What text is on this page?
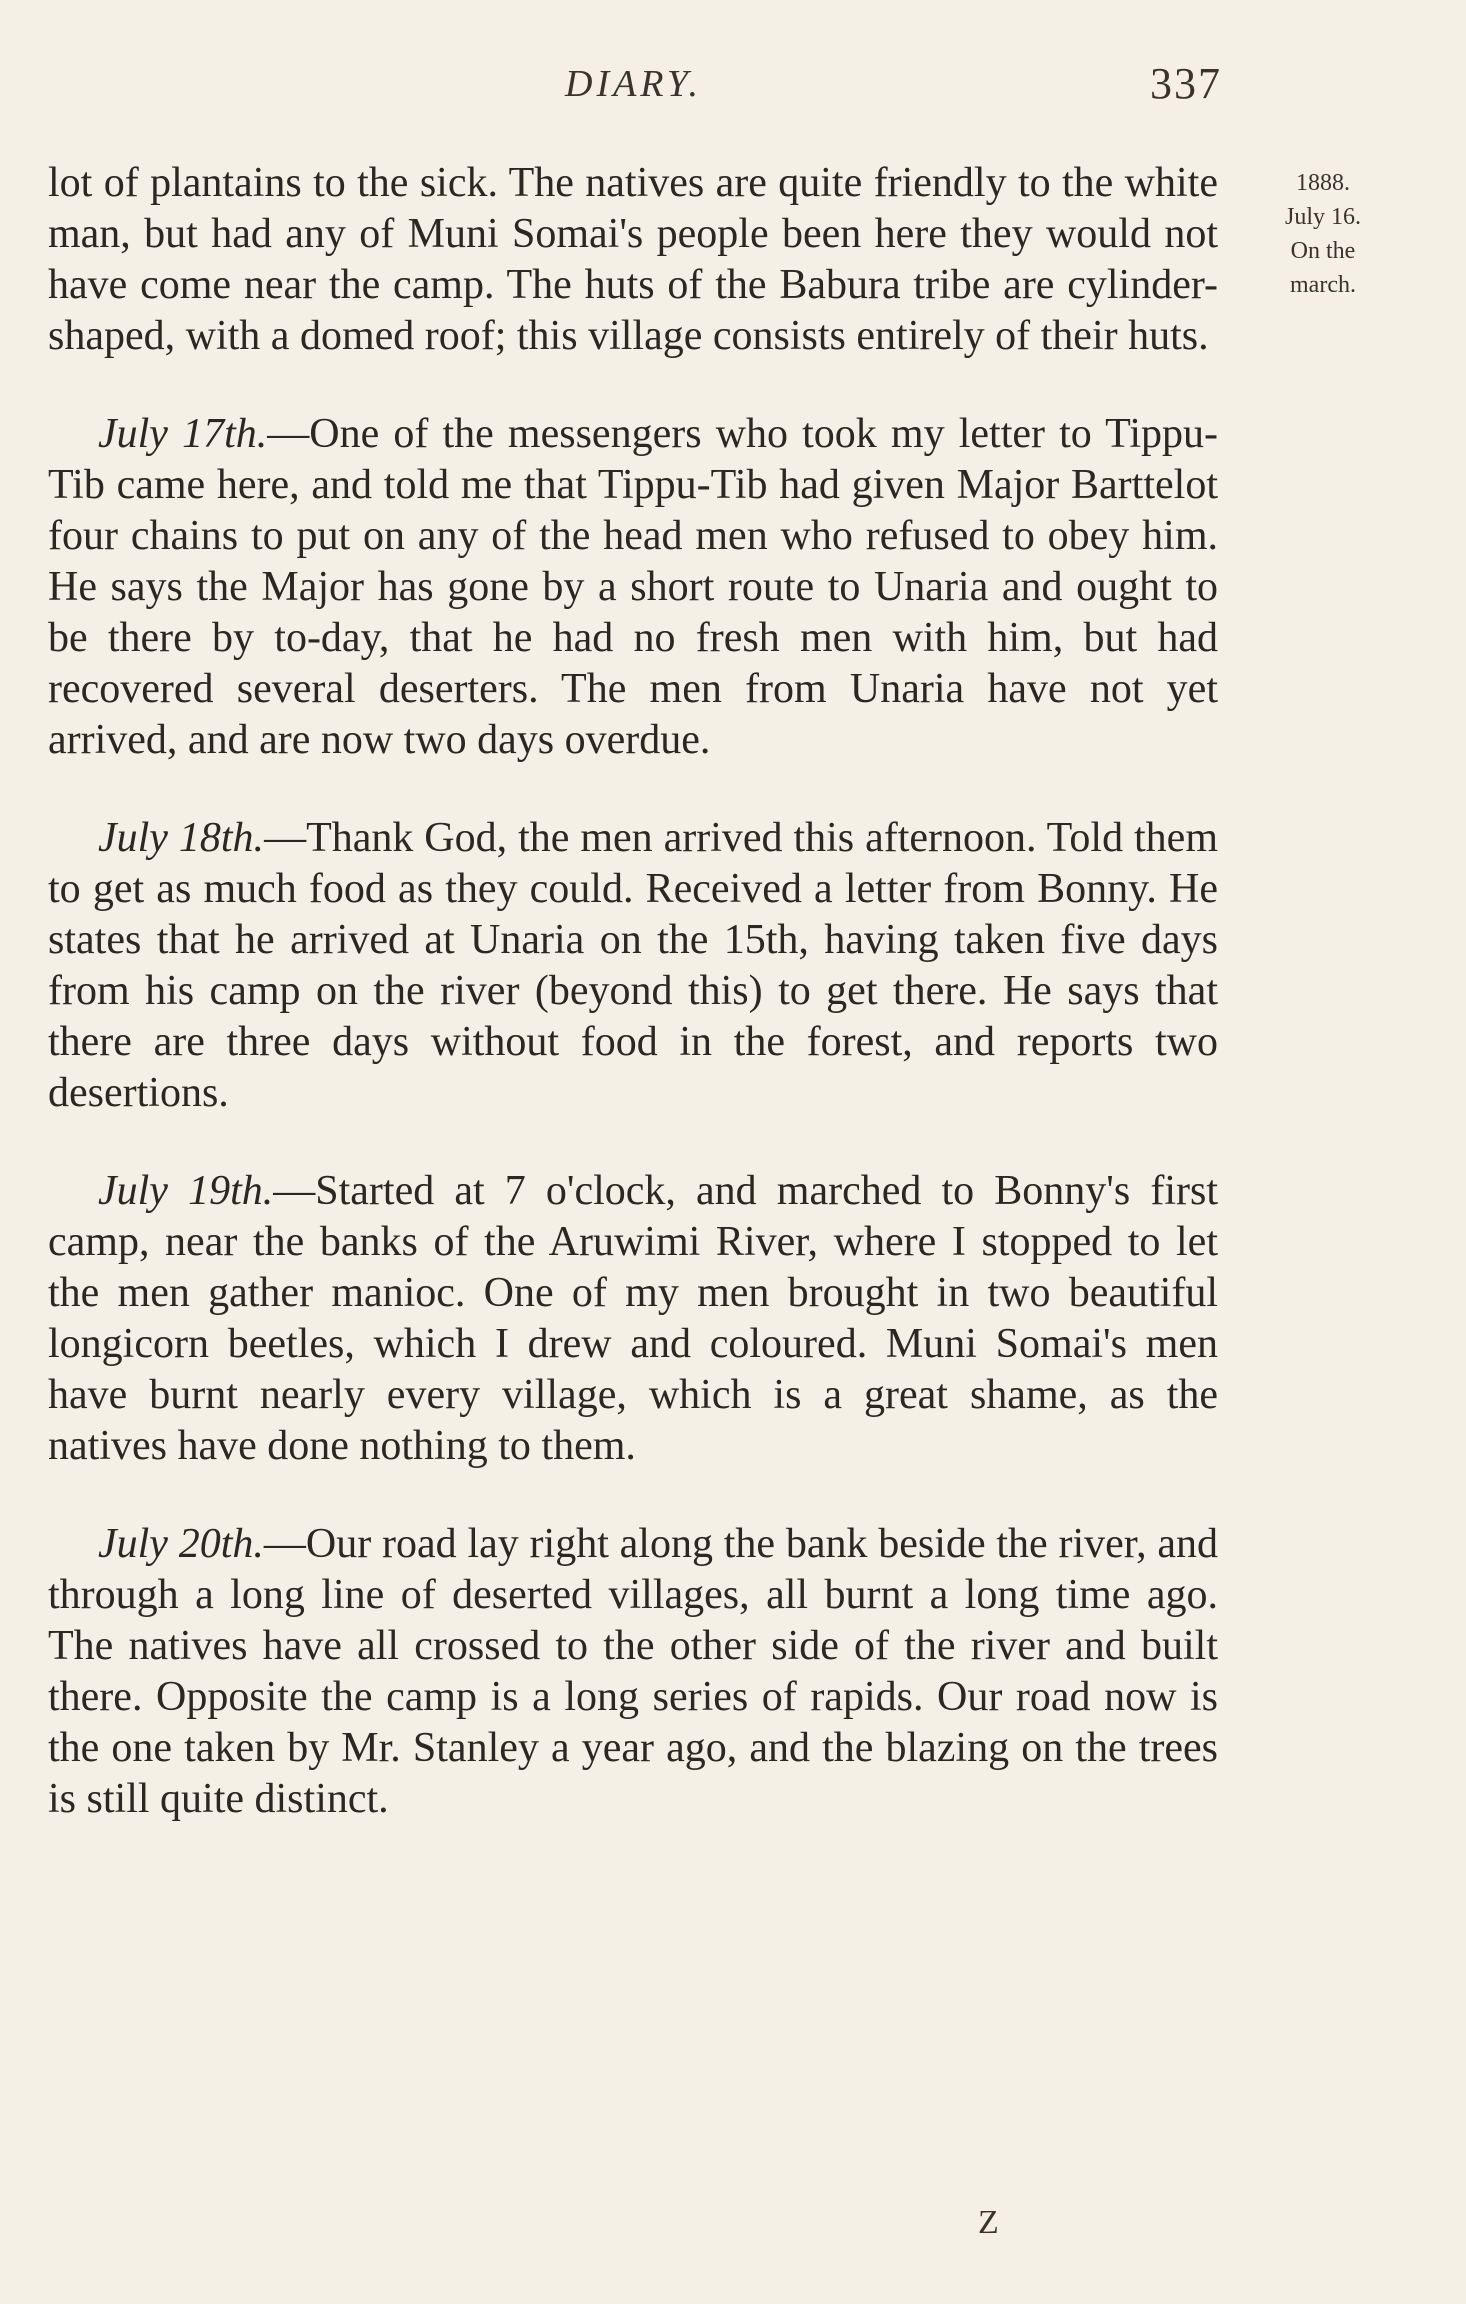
DIARY.	337
1888.
July 16.
On the
march.

lot of plantains to the sick. The natives are quite friendly to the white man, but had any of Muni Somai's people been here they would not have come near the camp. The huts of the Babura tribe are cylinder-shaped, with a domed roof; this village consists entirely of their huts.

July 17th.—One of the messengers who took my letter to Tippu-Tib came here, and told me that Tippu-Tib had given Major Barttelot four chains to put on any of the head men who refused to obey him. He says the Major has gone by a short route to Unaria and ought to be there by to-day, that he had no fresh men with him, but had recovered several deserters. The men from Unaria have not yet arrived, and are now two days overdue.

July 18th.—Thank God, the men arrived this afternoon. Told them to get as much food as they could. Received a letter from Bonny. He states that he arrived at Unaria on the 15th, having taken five days from his camp on the river (beyond this) to get there. He says that there are three days without food in the forest, and reports two desertions.

July 19th.—Started at 7 o'clock, and marched to Bonny's first camp, near the banks of the Aruwimi River, where I stopped to let the men gather manioc. One of my men brought in two beautiful longicorn beetles, which I drew and coloured. Muni Somai's men have burnt nearly every village, which is a great shame, as the natives have done nothing to them.

July 20th.—Our road lay right along the bank beside the river, and through a long line of deserted villages, all burnt a long time ago. The natives have all crossed to the other side of the river and built there. Opposite the camp is a long series of rapids. Our road now is the one taken by Mr. Stanley a year ago, and the blazing on the trees is still quite distinct.

Z
